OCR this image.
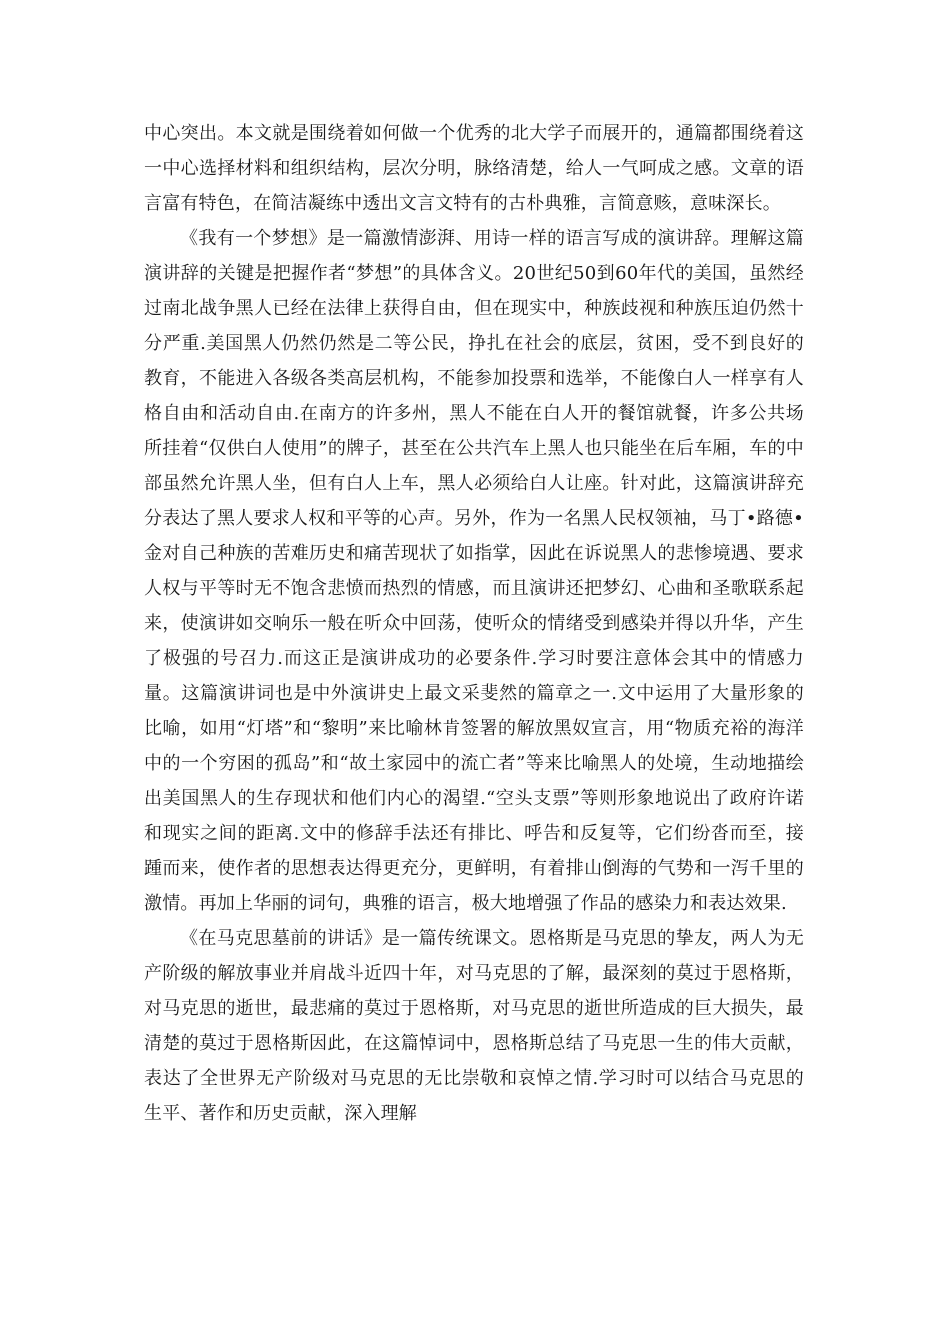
中心突出。本文就是围绕着如何做一个优秀的北大学子而展开的，通篇都围绕着这一中心选择材料和组织结构，层次分明，脉络清楚，给人一气呵成之感。文章的语言富有特色，在简洁凝练中透出文言文特有的古朴典雅，言简意赅，意味深长。

《我有一个梦想》是一篇激情澎湃、用诗一样的语言写成的演讲辞。理解这篇演讲辞的关键是把握作者“梦想”的具体含义。20世纪50到60年代的美国，虽然经过南北战争黑人已经在法律上获得自由，但在现实中，种族歧视和种族压迫仍然十分严重.美国黑人仍然仍然是二等公民，挣扎在社会的底层，贫困，受不到良好的教育，不能进入各级各类高层机构，不能参加投票和选举，不能像白人一样享有人格自由和活动自由.在南方的许多州，黑人不能在白人开的餐馆就餐，许多公共场所挂着“仅供白人使用”的牌子，甚至在公共汽车上黑人也只能坐在后车厢，车的中部虽然允许黑人坐，但有白人上车，黑人必须给白人让座。针对此，这篇演讲辞充分表达了黑人要求人权和平等的心声。另外，作为一名黑人民权领袖，马丁•路德•金对自己种族的苦难历史和痛苦现状了如指掌，因此在诉说黑人的悲惨境遇、要求人权与平等时无不饱含悲愤而热烈的情感，而且演讲还把梦幻、心曲和圣歌联系起来，使演讲如交响乐一般在听众中回荡，使听众的情绪受到感染并得以升华，产生了极强的号召力.而这正是演讲成功的必要条件.学习时要注意体会其中的情感力量。这篇演讲词也是中外演讲史上最文采斐然的篇章之一.文中运用了大量形象的比喻，如用“灯塔”和“黎明”来比喻林肯签署的解放黑奴宣言，用“物质充裕的海洋中的一个穷困的孤岛”和“故土家园中的流亡者”等来比喻黑人的处境，生动地描绘出美国黑人的生存现状和他们内心的渴望.“空头支票”等则形象地说出了政府许诺和现实之间的距离.文中的修辞手法还有排比、呼告和反复等，它们纷沓而至，接踵而来，使作者的思想表达得更充分，更鲜明，有着排山倒海的气势和一泻千里的激情。再加上华丽的词句，典雅的语言，极大地增强了作品的感染力和表达效果.

《在马克思墓前的讲话》是一篇传统课文。恩格斯是马克思的挚友，两人为无产阶级的解放事业并肩战斗近四十年，对马克思的了解，最深刻的莫过于恩格斯，对马克思的逝世，最悲痛的莫过于恩格斯，对马克思的逝世所造成的巨大损失，最清楚的莫过于恩格斯因此，在这篇悼词中，恩格斯总结了马克思一生的伟大贡献，表达了全世界无产阶级对马克思的无比崇敬和哀悼之情.学习时可以结合马克思的生平、著作和历史贡献，深入理解
